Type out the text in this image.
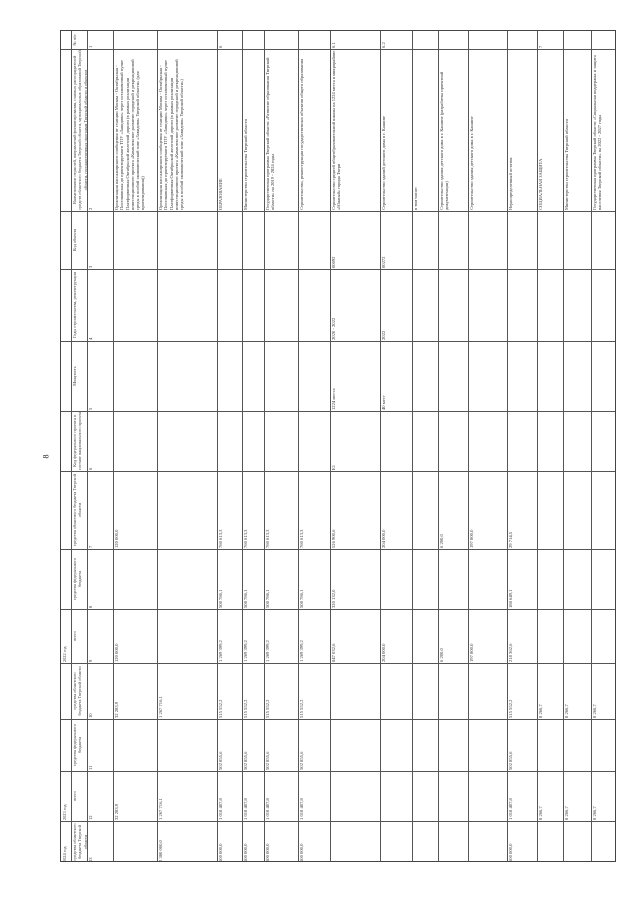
8
№ п/п
Наименование отраслей, направлений финансирования, главных распорядителей средств областного бюджета Тверской области, муниципальных образований Тверской области, государственных программ Тверской области и объектов
Код объекта
Годы строительства, реконструкции
Мощность
Код федерального проекта в составе национального проекта
2022 год
2023 год
2024 год
средства областного бюджета Тверской области
средства федерального бюджета
всего
средства областного бюджета Тверской области
средства федерального бюджета
всего
средства областного бюджета Тверской области
1
2
3
4
5
6
7
8
9
10
11
12
13
Организация пассажирского сообщения от станции Москва - Октябрьская - Поселковская до проектируемого ТПУ «Завидово» через остановочный пункт Платформенная Октябрьской железной дороги (в рамках реализации инвестиционного проекта «Комплексное развитие городской и рекреационной среды в особой экономической зоне «Завидово» Тверской области» (для проектирования))
120 000,0
120 000,0
32 283,9
32 283,9
Организация пассажирского сообщения от станции Москва - Октябрьская - Поселковская до проектируемого ТПУ «Завидово» через остановочный пункт Платформенная Октябрьской железной дороги (в рамках реализации инвестиционного проекта «Комплексное развитие городской и рекреационной среды в особой экономической зоне «Завидово» Тверской области»)
1 267 716,1
1 267 716,1
2 380 000,0
6
ОБРАЗОВАНИЕ
760 613,3
508 786,1
1 269 399,2
515 552,2
502 855,6
1 018 407,8
500 000,0
Министерство строительства Тверской области
760 613,3
508 786,1
1 269 399,2
515 552,2
502 855,6
1 018 407,8
500 000,0
Государственная программа Тверской области «Развитие образования Тверской области» на 2019 - 2024 годы
760 613,3
508 786,1
1 269 399,2
515 552,2
502 855,6
1 018 407,8
500 000,0
Строительство, реконструкция государственных объектов общего образования
760 613,3
508 786,1
1 269 399,2
515 552,2
502 855,6
1 018 407,8
500 000,0
6.1
Строительство средней общеобразовательной школы на 1224 места в микрорайоне «Южный» города Твери
00092
2020 - 2022
1224 места
E1
526 900,6
320 132,0
847 032,6
6.2
Строительство зданий детского дома в г. Кашине
00272
2022
40 мест
204 000,0
204 000,0
в том числе:	Строительство здания детского дома в г. Кашине (разработка проектной документации)
6 200,0
6 200,0
Строительство здания детского дома в г. Кашине
197 800,0
197 800,0
Нераспределенный остаток
29 714,5
188 649,1
218 362,6
515 552,2
502 855,6
1 018 407,8
500 000,0
7
СОЦИАЛЬНАЯ ЗАЩИТА
8 266,7
8 266,7
Министерство строительства Тверской области
8 266,7
8 266,7
Государственная программа Тверской области «Социальная поддержка и защита населения Тверской области» на 2022 - 2027 годы
8 266,7
8 266,7
